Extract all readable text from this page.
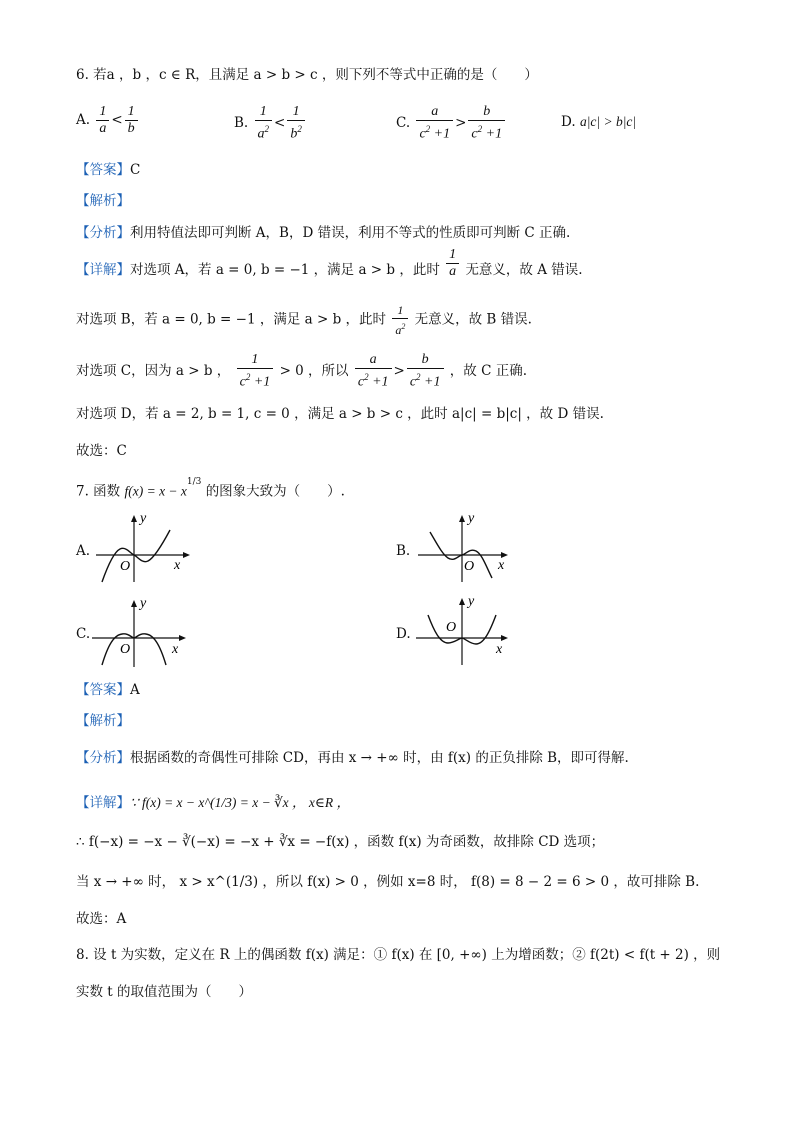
6. 若a ，b ，c ∈ R，且满足 a > b > c ，则下列不等式中正确的是（　　）
A. $\frac{1}{a} < \frac{1}{b}$	B. $\frac{1}{a^2} < \frac{1}{b^2}$	C. $\frac{a}{c^2 +1} > \frac{b}{c^2 +1}$	D. a|c| > b|c|
【答案】C
【解析】
【分析】利用特值法即可判断 A，B，D 错误，利用不等式的性质即可判断 C 正确.
【详解】对选项 A，若 a = 0, b = −1 ，满足 a > b ，此时 $\frac{1}{a}$ 无意义，故 A 错误.
对选项 B，若 a = 0, b = −1 ，满足 a > b ，此时 $\frac{1}{a^2}$ 无意义，故 B 错误.
对选项 C，因为 a > b ， $\frac{1}{c^2 +1} > 0$ ，所以 $\frac{a}{c^2 +1} > \frac{b}{c^2 +1}$ ，故 C 正确.
对选项 D，若 a = 2, b = 1, c = 0 ，满足 a > b > c ，此时 a|c| = b|c| ，故 D 错误.
故选：C
7. 函数 $f(x) = x - x^{1/3}$ 的图象大致为（　　）.
A.
y
x
O
B.
y
x
O
C.
y
x
O
D.
y
x
O
【答案】A
【解析】
【分析】根据函数的奇偶性可排除 CD，再由 x → +∞ 时，由 f(x) 的正负排除 B，即可得解.
【详解】∵ f(x) = x − x^(1/3) = x − ∛x ， x∈R ，
∴ f(−x) = −x − ∛(−x) = −x + ∛x = −f(x) ，函数 f(x) 为奇函数，故排除 CD 选项；
当 x → +∞ 时， x > x^(1/3) ，所以 f(x) > 0 ，例如 x=8 时， f(8) = 8 − 2 = 6 > 0 ，故可排除 B.
故选：A
8. 设 t 为实数，定义在 R 上的偶函数 f(x) 满足：① f(x) 在 [0, +∞) 上为增函数；② f(2t) < f(t + 2) ，则
实数 t 的取值范围为（　　）
